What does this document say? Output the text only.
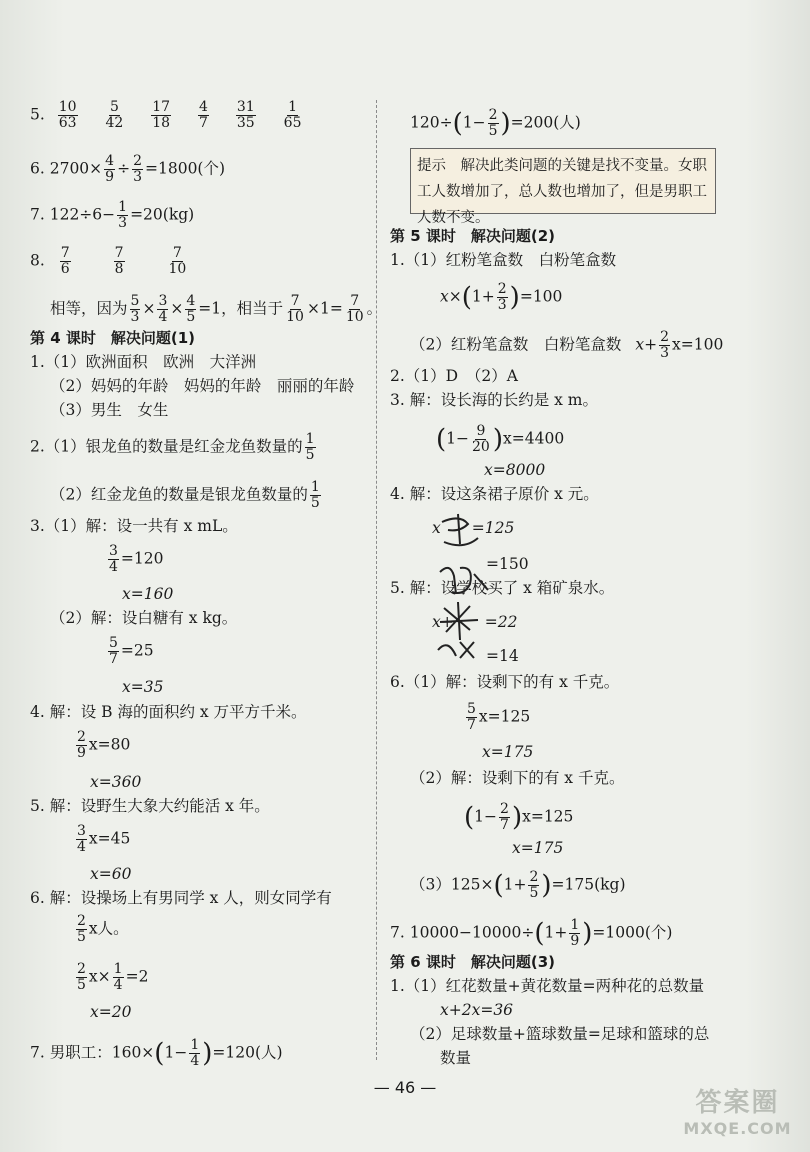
5. $\frac{10}{63}$
$\frac{5}{42}$
$\frac{17}{18}$
$\frac{4}{7}$
$\frac{31}{35}$
$\frac{1}{65}$
6. $2700\times \frac{4}{9} \div \frac{2}{3} =1800$(个)
7. $122\div 6- \frac{1}{3} =20(kg)$
8. $\frac{7}{6}$
	$\frac{7}{8}$
	$\frac{7}{10}$
相等，因为 $\frac{5}{3} \times \frac{3}{4} \times \frac{4}{5} =1$，相当于 $\frac{7}{10} \times 1= \frac{7}{10}$ 。
第 4 课时　解决问题(1)
1.（1）欧洲面积　欧洲　大洋洲
（2）妈妈的年龄　妈妈的年龄　丽丽的年龄
（3）男生　女生
2.（1）银龙鱼的数量是红金龙鱼数量的 $\frac{1}{5}$
（2）红金龙鱼的数量是银龙鱼数量的 $\frac{1}{5}$
3.（1）解：设一共有 x mL。
$\frac{3}{4} =120$
x=160
（2）解：设白糖有 x kg。
$\frac{5}{7} =25$
x=35
4. 解：设 B 海的面积约 x 万平方千米。
$\frac{2}{9} x=80$
x=360
5. 解：设野生大象大约能活 x 年。
$\frac{3}{4} x=45$
x=60
6. 解：设操场上有男同学 x 人，则女同学有
$\frac{2}{5}$ x人。
$\frac{2}{5} x\times \frac{1}{4} =2$
x=20
7. 男职工：$160\times(1- \frac{1}{4} )=120$(人)
$120\div(1- \frac{2}{5} )=200$(人)
提示　解决此类问题的关键是找不变量。女职工人数增加了，总人数也增加了，但是男职工人数不变。
第 5 课时　解决问题(2)
1.（1）红粉笔盒数　白粉笔盒数
$x\times(1+ \frac{2}{3} )=100$
（2）红粉笔盒数　白粉笔盒数 $x+ \frac{2}{3} x=100$
2.（1）D　（2）A
3. 解：设长海的长约是 x m。
$(1- \frac{9}{20} )x=4400$
x=8000
4. 解：设这条裙子原价 x 元。
x　　=125
=150
5. 解：设学校买了 x 箱矿泉水。
x+　　=22
=14
6.（1）解：设剩下的有 x 千克。
$\frac{5}{7} x=125$
x=175
（2）解：设剩下的有 x 千克。
$(1- \frac{2}{7} )x=125$
x=175
$(3)125\times(1+ \frac{2}{5} )=175(kg)$
7. $10000-10000\div(1+ \frac{1}{9} )=1000$(个)
第 6 课时　解决问题(3)
1.（1）红花数量+黄花数量=两种花的总数量
x+2x=36
（2）足球数量+篮球数量=足球和篮球的总
数量
— 46 —
答案圈
MXQE.COM
